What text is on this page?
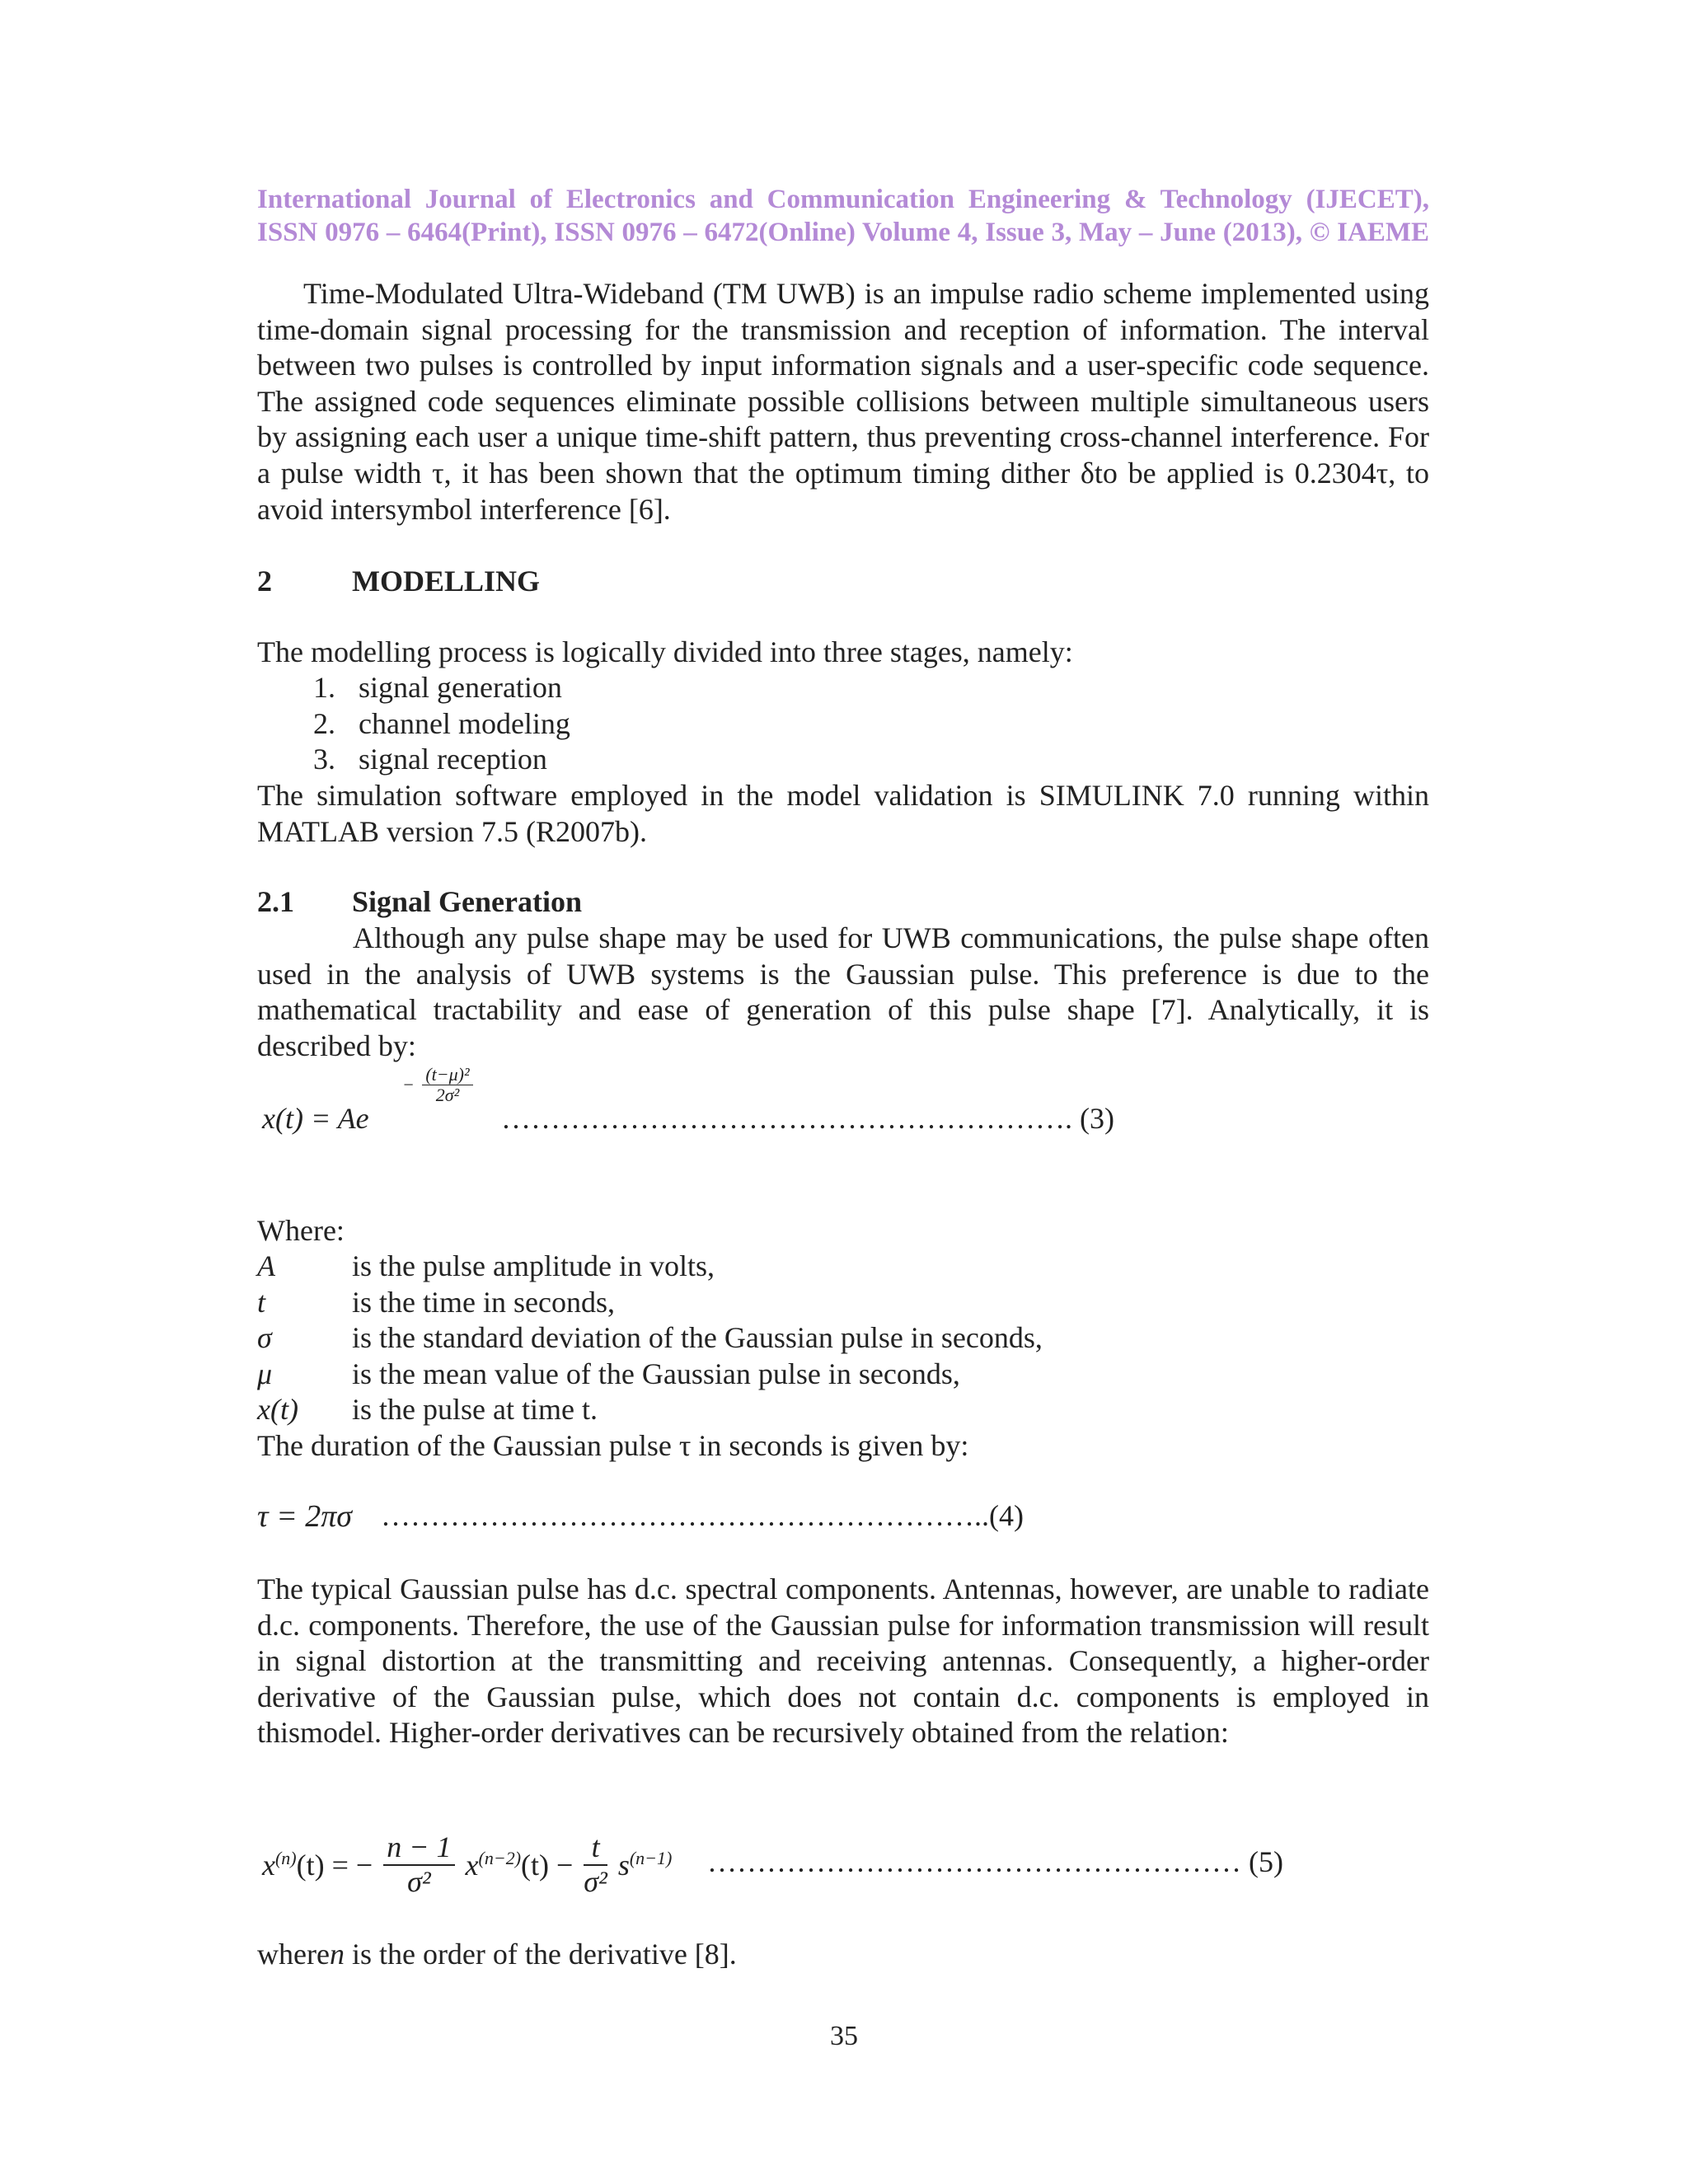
International Journal of Electronics and Communication Engineering & Technology (IJECET),
ISSN 0976 – 6464(Print), ISSN 0976 – 6472(Online) Volume 4, Issue 3, May – June (2013), © IAEME
Time-Modulated Ultra-Wideband (TM UWB) is an impulse radio scheme implemented using time-domain signal processing for the transmission and reception of information. The interval between two pulses is controlled by input information signals and a user-specific code sequence. The assigned code sequences eliminate possible collisions between multiple simultaneous users by assigning each user a unique time-shift pattern, thus preventing cross-channel interference. For a pulse width τ, it has been shown that the optimum timing dither δto be applied is 0.2304τ, to avoid intersymbol interference [6].
2	MODELLING
The modelling process is logically divided into three stages, namely:
1. signal generation
2. channel modeling
3. signal reception
The simulation software employed in the model validation is SIMULINK 7.0 running within MATLAB version 7.5 (R2007b).
2.1 Signal Generation
Although any pulse shape may be used for UWB communications, the pulse shape often used in the analysis of UWB systems is the Gaussian pulse. This preference is due to the mathematical tractability and ease of generation of this pulse shape [7]. Analytically, it is described by:
x(t) = Ae
− $\frac{\text{(t−μ)²}}{\text{2σ²}}$
…………………………………………………. (3)
Where:
A	is the pulse amplitude in volts,
t	is the time in seconds,
σ	is the standard deviation of the Gaussian pulse in seconds,
μ	is the mean value of the Gaussian pulse in seconds,
x(t) is the pulse at time t.
The duration of the Gaussian pulse τ in seconds is given by:
τ = 2πσ ……………………………………………………..(4)
The typical Gaussian pulse has d.c. spectral components. Antennas, however, are unable to radiate d.c. components. Therefore, the use of the Gaussian pulse for information transmission will result in signal distortion at the transmitting and receiving antennas. Consequently, a higher-order derivative of the Gaussian pulse, which does not contain d.c. components is employed in thismodel. Higher-order derivatives can be recursively obtained from the relation:
$x^{(n)}(t)$ = − $\frac{n - 1}{\text{σ²}} x^{(n-2)}(t) - \frac{t}{\text{σ²}} s^{(n-1)}$ ……………………………………………… (5)
wheren is the order of the derivative [8].
35
